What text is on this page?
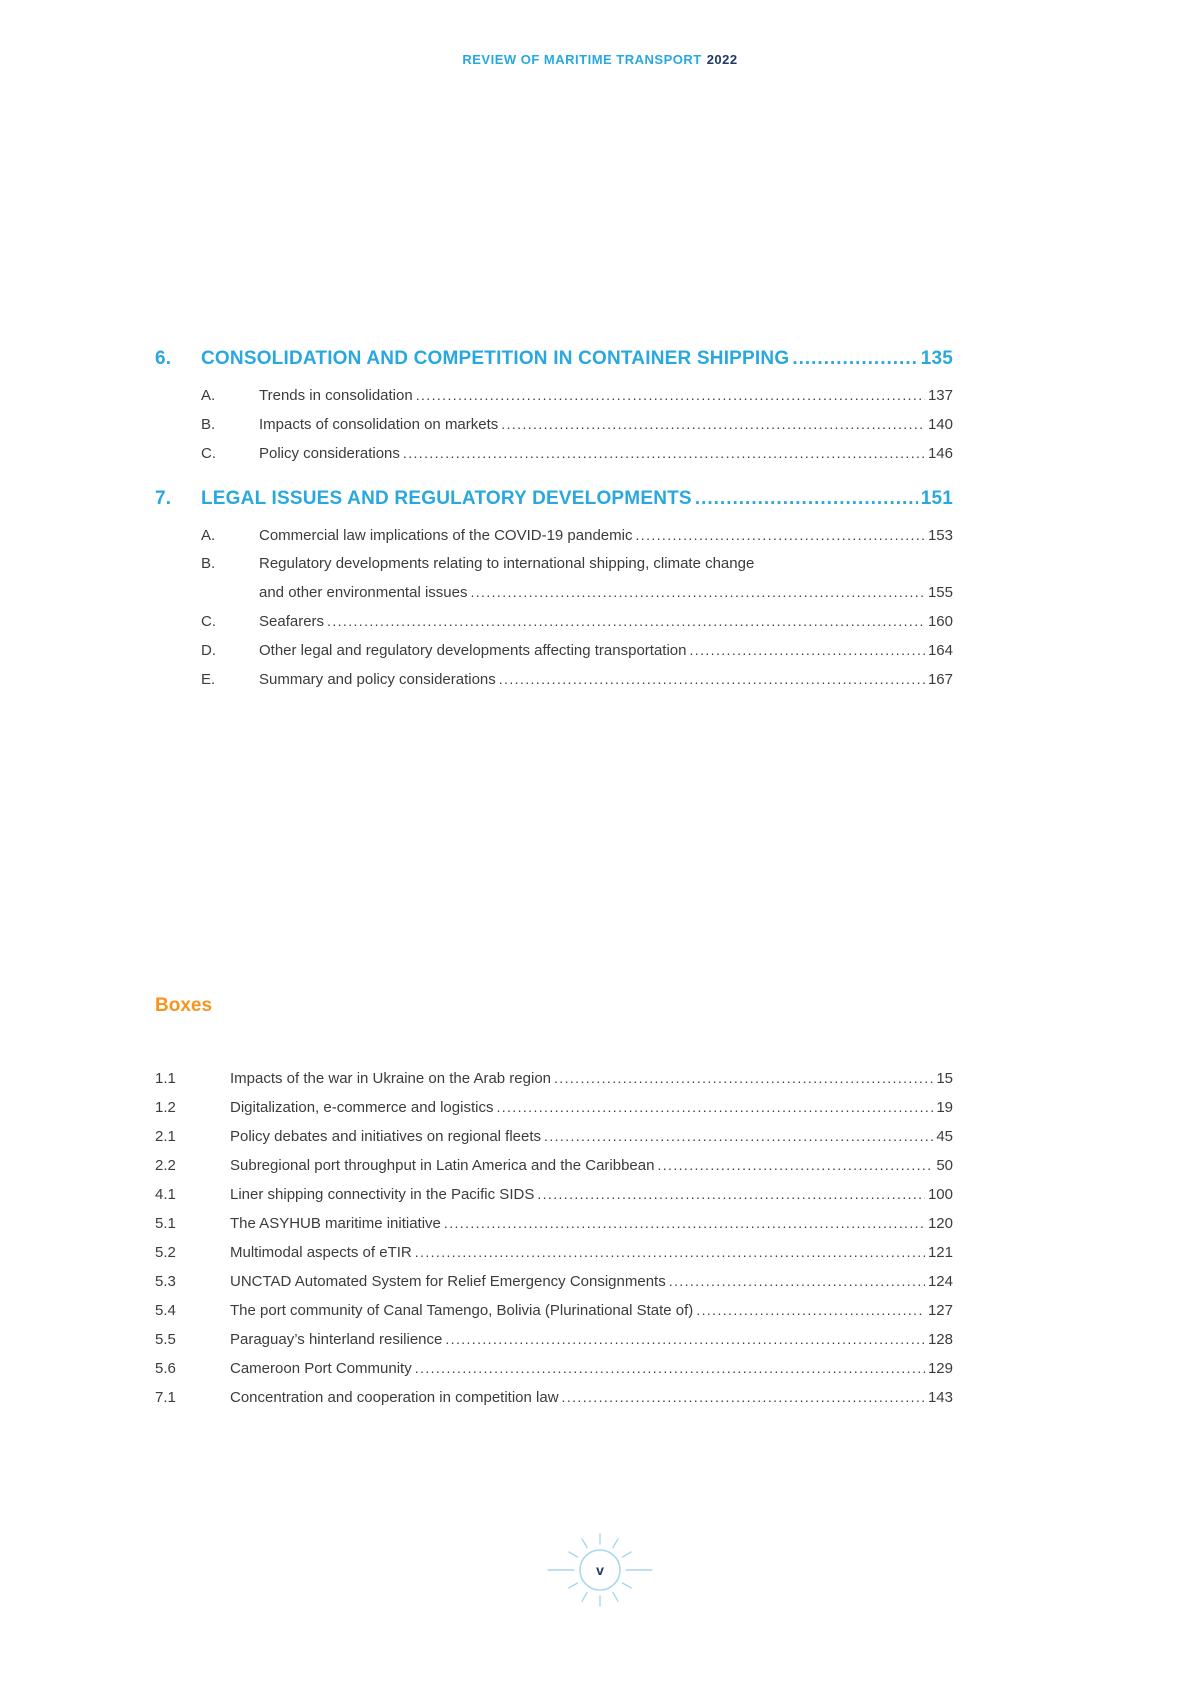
REVIEW OF MARITIME TRANSPORT 2022
6.	CONSOLIDATION AND COMPETITION IN CONTAINER SHIPPING .....	135
A.	Trends in consolidation .....	137
B.	Impacts of consolidation on markets .....	140
C.	Policy considerations .....	146
7.	LEGAL ISSUES AND REGULATORY DEVELOPMENTS .....	151
A.	Commercial law implications of the COVID-19 pandemic .....	153
B.	Regulatory developments relating to international shipping, climate change
and other environmental issues .....	155
C.	Seafarers .....	160
D.	Other legal and regulatory developments affecting transportation .....	164
E.	Summary and policy considerations .....	167
Boxes
1.1	Impacts of the war in Ukraine on the Arab region .....	15
1.2	Digitalization, e-commerce and logistics .....	19
2.1	Policy debates and initiatives on regional fleets .....	45
2.2	Subregional port throughput in Latin America and the Caribbean .....	50
4.1	Liner shipping connectivity in the Pacific SIDS .....	100
5.1	The ASYHUB maritime initiative .....	120
5.2	Multimodal aspects of eTIR .....	121
5.3	UNCTAD Automated System for Relief Emergency Consignments .....	124
5.4	The port community of Canal Tamengo, Bolivia (Plurinational State of) .....	127
5.5	Paraguay’s hinterland resilience .....	128
5.6	Cameroon Port Community .....	129
7.1	Concentration and cooperation in competition law .....	143
v
